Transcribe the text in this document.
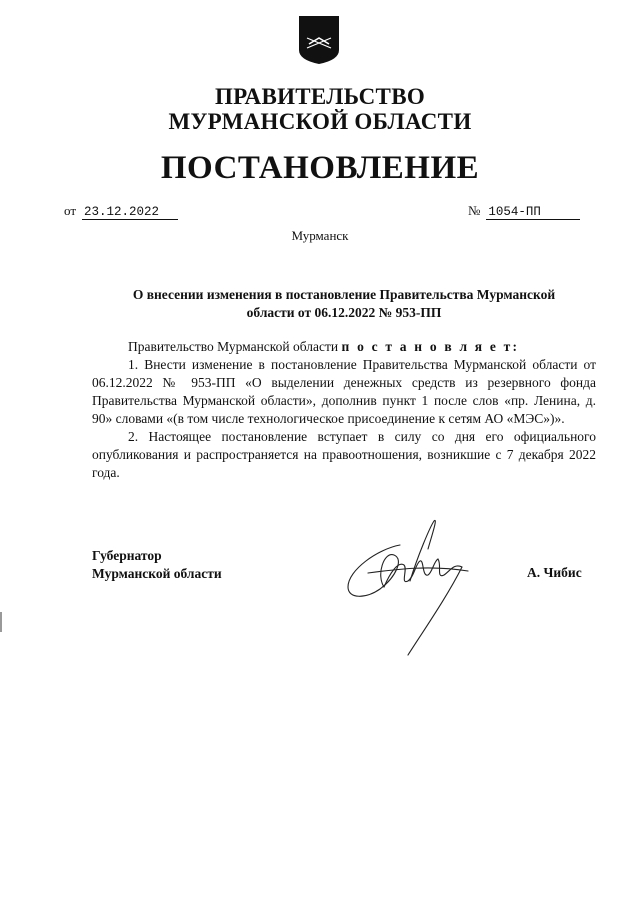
ПРАВИТЕЛЬСТВО
МУРМАНСКОЙ ОБЛАСТИ
ПОСТАНОВЛЕНИЕ
от 23.12.2022	№ 1054-ПП
Мурманск
О внесении изменения в постановление Правительства Мурманской
области от 06.12.2022 № 953-ПП

Правительство Мурманской области п о с т а н о в л я е т:

1. Внести изменение в постановление Правительства Мурманской области от 06.12.2022 № 953-ПП «О выделении денежных средств из резервного фонда Правительства Мурманской области», дополнив пункт 1 после слов «пр. Ленина, д. 90» словами «(в том числе технологическое присоединение к сетям АО «МЭС»)».

2. Настоящее постановление вступает в силу со дня его официального опубликования и распространяется на правоотношения, возникшие с 7 декабря 2022 года.

Губернатор
Мурманской области	А. Чибис
